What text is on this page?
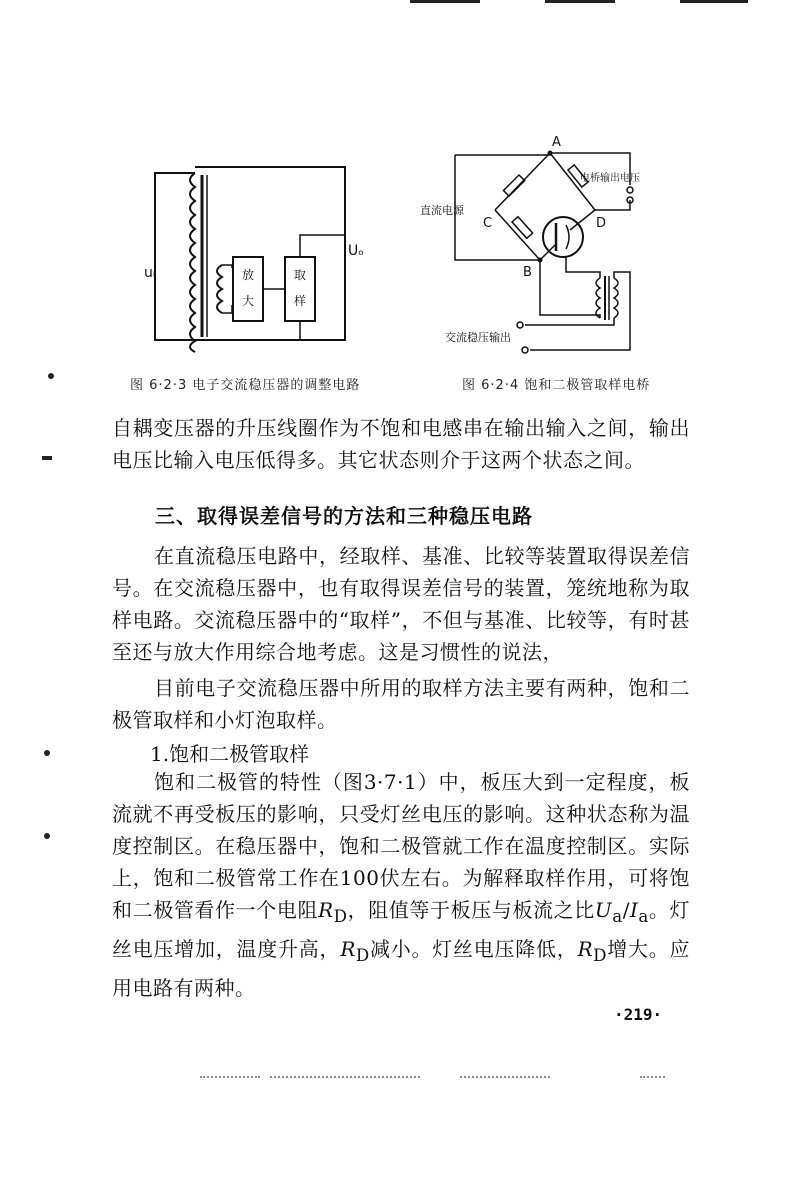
放
大
取
样
uᵢ
Uₒ
图 6·2·3 电子交流稳压器的调整电路
A
C
B
D
直流电源
电桥输出电压
交流稳压输出
图 6·2·4 饱和二极管取样电桥
自耦变压器的升压线圈作为不饱和电感串在输出输入之间，输出电压比输入电压低得多。其它状态则介于这两个状态之间。
三、取得误差信号的方法和三种稳压电路
在直流稳压电路中，经取样、基准、比较等装置取得误差信号。在交流稳压器中，也有取得误差信号的装置，笼统地称为取样电路。交流稳压器中的“取样”，不但与基准、比较等，有时甚至还与放大作用综合地考虑。这是习惯性的说法，
目前电子交流稳压器中所用的取样方法主要有两种，饱和二极管取样和小灯泡取样。
1.饱和二极管取样
饱和二极管的特性（图3·7·1）中，板压大到一定程度，板流就不再受板压的影响，只受灯丝电压的影响。这种状态称为温度控制区。在稳压器中，饱和二极管就工作在温度控制区。实际上，饱和二极管常工作在100伏左右。为解释取样作用，可将饱和二极管看作一个电阻$R_D$，阻值等于板压与板流之比$U_a/I_a$。灯丝电压增加，温度升高，$R_D$减小。灯丝电压降低，$R_D$增大。应用电路有两种。
·219·
